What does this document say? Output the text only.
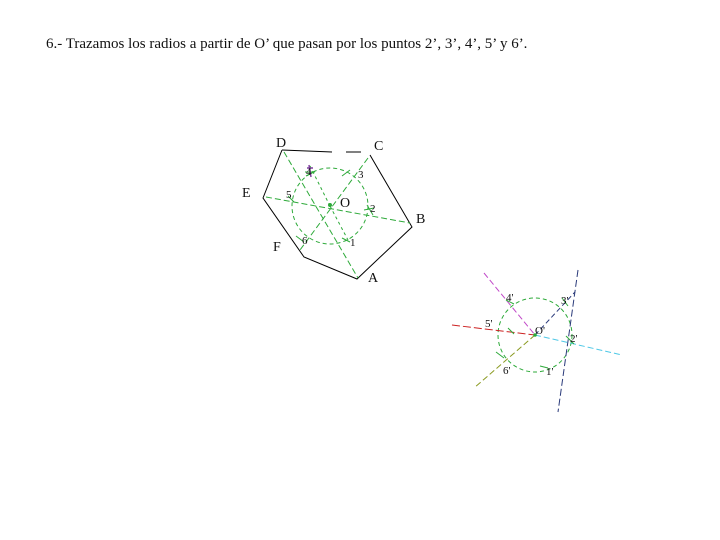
6.- Trazamos los radios a partir de O’ que pasan por los puntos 2’, 3’, 4’, 5’ y 6’.
D	C
E
B
F
A
O
1
2
3
4
5
6
O'
1'
2'
3'
4'
5'
6'
